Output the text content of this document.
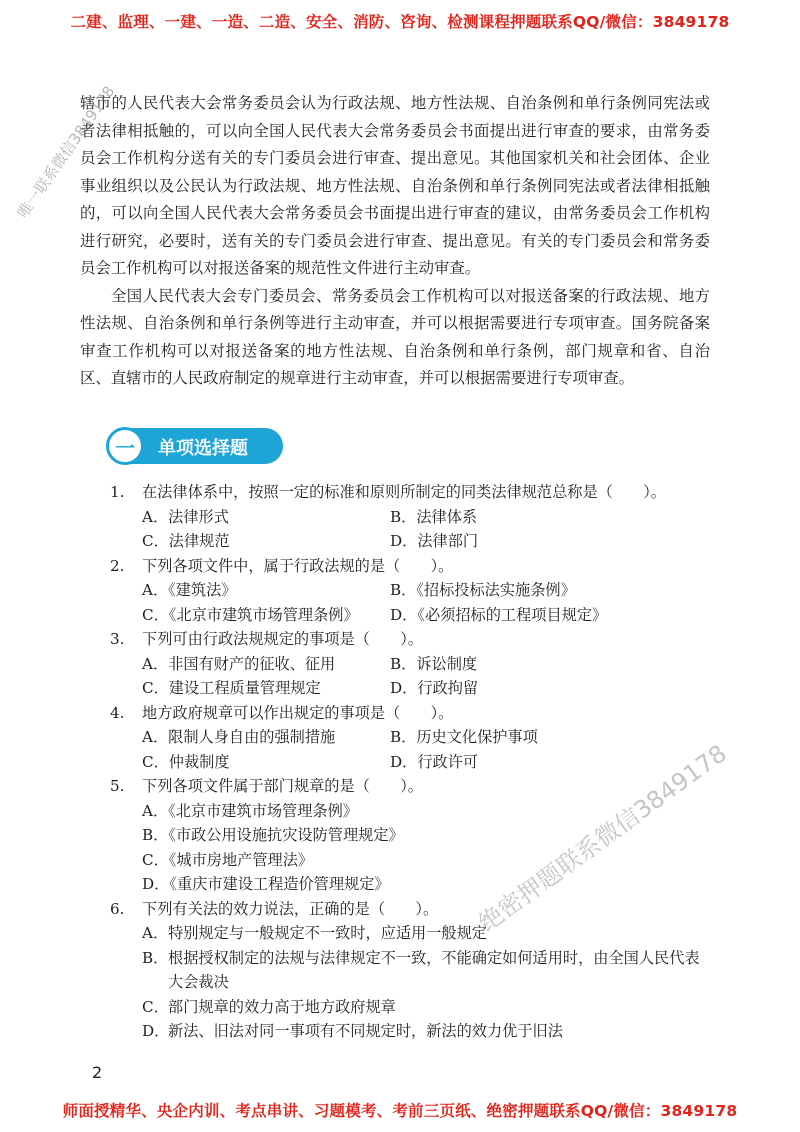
二建、监理、一建、一造、二造、安全、消防、咨询、检测课程押题联系QQ/微信：3849178

辖市的人民代表大会常务委员会认为行政法规、地方性法规、自治条例和单行条例同宪法或者法律相抵触的，可以向全国人民代表大会常务委员会书面提出进行审查的要求，由常务委员会工作机构分送有关的专门委员会进行审查、提出意见。其他国家机关和社会团体、企业事业组织以及公民认为行政法规、地方性法规、自治条例和单行条例同宪法或者法律相抵触的，可以向全国人民代表大会常务委员会书面提出进行审查的建议，由常务委员会工作机构进行研究，必要时，送有关的专门委员会进行审查、提出意见。有关的专门委员会和常务委员会工作机构可以对报送备案的规范性文件进行主动审查。

全国人民代表大会专门委员会、常务委员会工作机构可以对报送备案的行政法规、地方性法规、自治条例和单行条例等进行主动审查，并可以根据需要进行专项审查。国务院备案审查工作机构可以对报送备案的地方性法规、自治条例和单行条例，部门规章和省、自治区、直辖市的人民政府制定的规章进行主动审查，并可以根据需要进行专项审查。

一	单项选择题
1.	在法律体系中，按照一定的标准和原则所制定的同类法律规范总称是（　　）。
A．法律形式	B．法律体系
C．法律规范	D．法律部门
2.	下列各项文件中，属于行政法规的是（　　）。
A．《建筑法》	B．《招标投标法实施条例》
C．《北京市建筑市场管理条例》	D．《必须招标的工程项目规定》
3.	下列可由行政法规规定的事项是（　　）。
A．非国有财产的征收、征用	B．诉讼制度
C．建设工程质量管理规定	D．行政拘留
4.	地方政府规章可以作出规定的事项是（　　）。
A．限制人身自由的强制措施	B．历史文化保护事项
C．仲裁制度	D．行政许可
5.	下列各项文件属于部门规章的是（　　）。
A．《北京市建筑市场管理条例》
B．《市政公用设施抗灾设防管理规定》
C．《城市房地产管理法》
D．《重庆市建设工程造价管理规定》
6.	下列有关法的效力说法，正确的是（　　）。
A． 特别规定与一般规定不一致时，应适用一般规定
B． 根据授权制定的法规与法律规定不一致，不能确定如何适用时，由全国人民代表大会裁决
C． 部门规章的效力高于地方政府规章
D．
新法、旧法对同一事项有不同规定时，新法的效力优于旧法
2
唯一联系微信3849178
绝密押题联系微信3849178
师面授精华、央企内训、考点串讲、习题模考、考前三页纸、绝密押题联系QQ/微信：3849178
